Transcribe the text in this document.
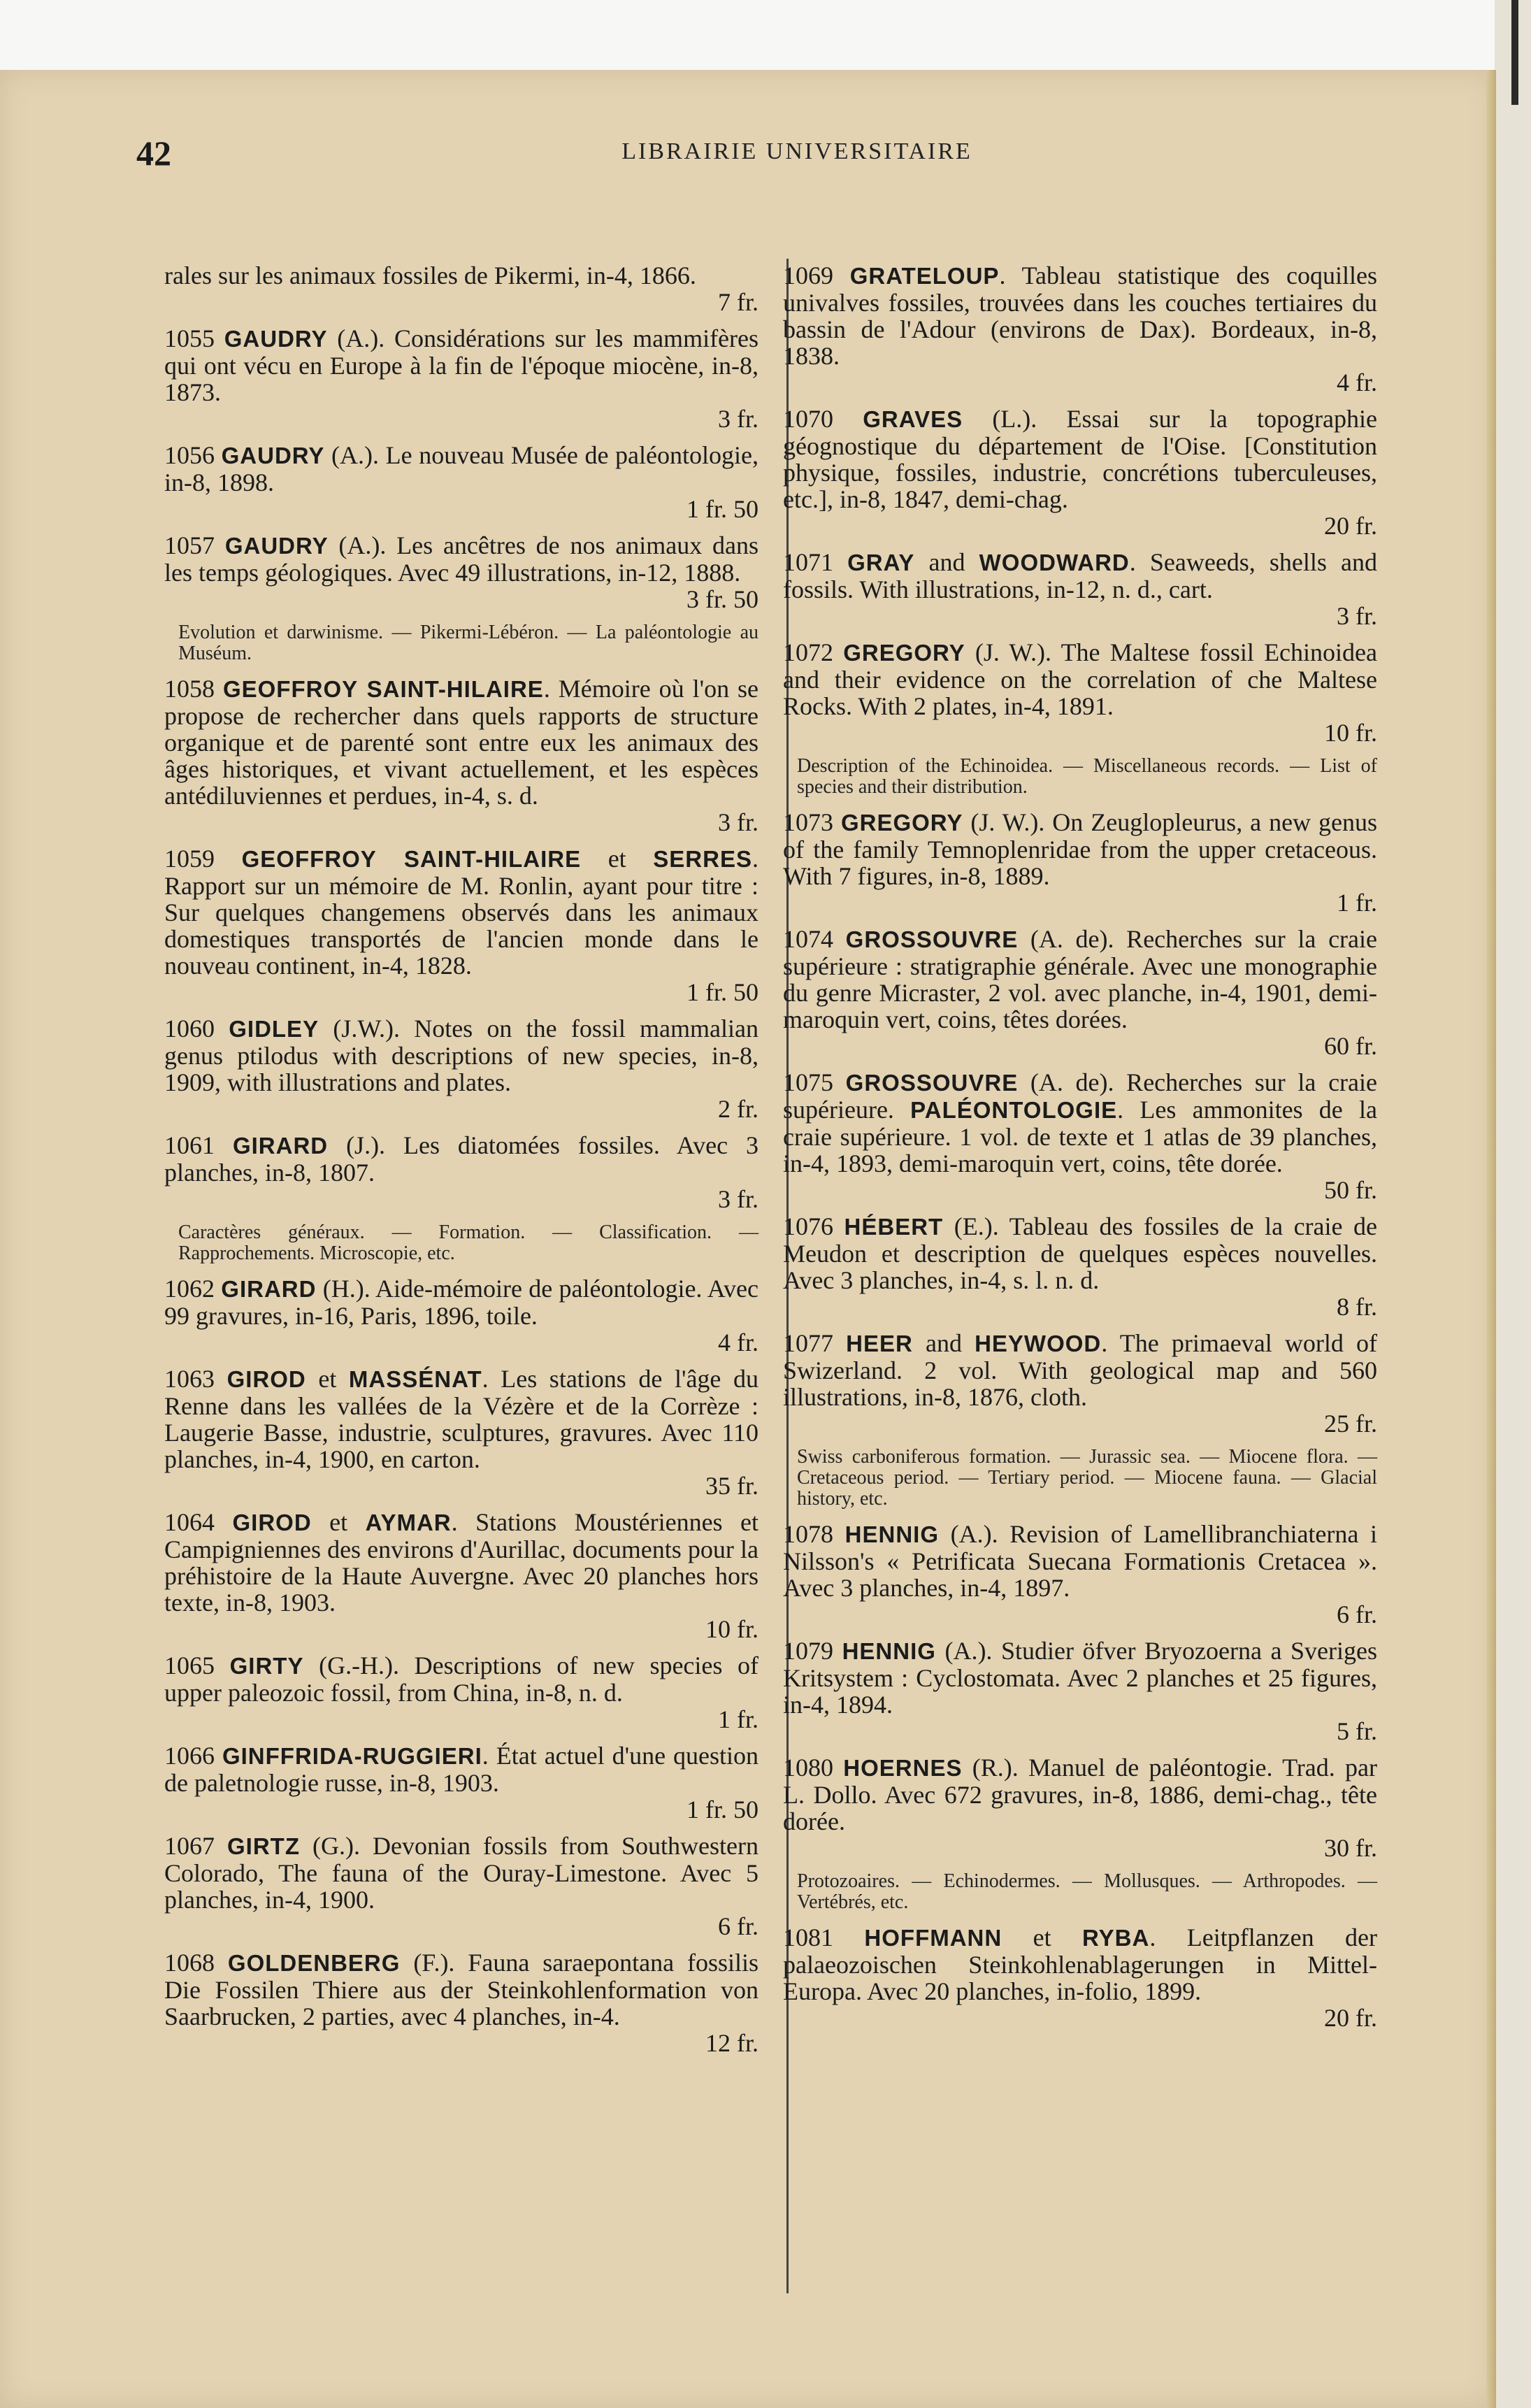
42	LIBRAIRIE UNIVERSITAIRE
rales sur les animaux fossiles de Pikermi, in-4, 1866.
7 fr.
1055 GAUDRY (A.). Considérations sur les mammifères qui ont vécu en Europe à la fin de l'époque miocène, in-8, 1873.
3 fr.
1056 GAUDRY (A.). Le nouveau Musée de paléontologie, in-8, 1898.
1 fr. 50
1057 GAUDRY (A.). Les ancêtres de nos animaux dans les temps géologiques. Avec 49 illustrations, in-12, 1888.
3 fr. 50
Evolution et darwinisme. — Pikermi-Lébéron. — La paléontologie au Muséum.
1058 GEOFFROY SAINT-HILAIRE. Mémoire où l'on se propose de rechercher dans quels rapports de structure organique et de parenté sont entre eux les animaux des âges historiques, et vivant actuellement, et les espèces antédiluviennes et perdues, in-4, s. d.
3 fr.
1059 GEOFFROY SAINT-HILAIRE et SERRES. Rapport sur un mémoire de M. Ronlin, ayant pour titre : Sur quelques changemens observés dans les animaux domestiques transportés de l'ancien monde dans le nouveau continent, in-4, 1828.
1 fr. 50
1060 GIDLEY (J.W.). Notes on the fossil mammalian genus ptilodus with descriptions of new species, in-8, 1909, with illustrations and plates.
2 fr.
1061 GIRARD (J.). Les diatomées fossiles. Avec 3 planches, in-8, 1807.
3 fr.
Caractères généraux. — Formation. — Classification. — Rapprochements. Microscopie, etc.
1062 GIRARD (H.). Aide-mémoire de paléontologie. Avec 99 gravures, in-16, Paris, 1896, toile.
4 fr.
1063 GIROD et MASSÉNAT. Les stations de l'âge du Renne dans les vallées de la Vézère et de la Corrèze : Laugerie Basse, industrie, sculptures, gravures. Avec 110 planches, in-4, 1900, en carton.
35 fr.
1064 GIROD et AYMAR. Stations Moustériennes et Campigniennes des environs d'Aurillac, documents pour la préhistoire de la Haute Auvergne. Avec 20 planches hors texte, in-8, 1903.
10 fr.
1065 GIRTY (G.-H.). Descriptions of new species of upper paleozoic fossil, from China, in-8, n. d.
1 fr.
1066 GINFFRIDA-RUGGIERI. État actuel d'une question de paletnologie russe, in-8, 1903.
1 fr. 50
1067 GIRTZ (G.). Devonian fossils from Southwestern Colorado, The fauna of the Ouray-Limestone. Avec 5 planches, in-4, 1900.
6 fr.
1068 GOLDENBERG (F.). Fauna saraepontana fossilis Die Fossilen Thiere aus der Steinkohlenformation von Saarbrucken, 2 parties, avec 4 planches, in-4.
12 fr.
1069 GRATELOUP. Tableau statistique des coquilles univalves fossiles, trouvées dans les couches tertiaires du bassin de l'Adour (environs de Dax). Bordeaux, in-8, 1838.
4 fr.
1070 GRAVES (L.). Essai sur la topographie géognostique du département de l'Oise. [Constitution physique, fossiles, industrie, concrétions tuberculeuses, etc.], in-8, 1847, demi-chag.
20 fr.
1071 GRAY and WOODWARD. Seaweeds, shells and fossils. With illustrations, in-12, n. d., cart.
3 fr.
1072 GREGORY (J. W.). The Maltese fossil Echinoidea and their evidence on the correlation of che Maltese Rocks. With 2 plates, in-4, 1891.
10 fr.
Description of the Echinoidea. — Miscellaneous records. — List of species and their distribution.
1073 GREGORY (J. W.). On Zeuglopleurus, a new genus of the family Temnoplenridae from the upper cretaceous. With 7 figures, in-8, 1889.
1 fr.
1074 GROSSOUVRE (A. de). Recherches sur la craie supérieure : stratigraphie générale. Avec une monographie du genre Micraster, 2 vol. avec planche, in-4, 1901, demi-maroquin vert, coins, têtes dorées.
60 fr.
1075 GROSSOUVRE (A. de). Recherches sur la craie supérieure. PALÉONTOLOGIE. Les ammonites de la craie supérieure. 1 vol. de texte et 1 atlas de 39 planches, in-4, 1893, demi-maroquin vert, coins, tête dorée.
50 fr.
1076 HÉBERT (E.). Tableau des fossiles de la craie de Meudon et description de quelques espèces nouvelles. Avec 3 planches, in-4, s. l. n. d.
8 fr.
1077 HEER and HEYWOOD. The primaeval world of Swizerland. 2 vol. With geological map and 560 illustrations, in-8, 1876, cloth.
25 fr.
Swiss carboniferous formation. — Jurassic sea. — Miocene flora. — Cretaceous period. — Tertiary period. — Miocene fauna. — Glacial history, etc.
1078 HENNIG (A.). Revision of Lamellibranchiaterna i Nilsson's « Petrificata Suecana Formationis Cretacea ». Avec 3 planches, in-4, 1897.
6 fr.
1079 HENNIG (A.). Studier öfver Bryozoerna a Sveriges Kritsystem : Cyclostomata. Avec 2 planches et 25 figures, in-4, 1894.
5 fr.
1080 HOERNES (R.). Manuel de paléontogie. Trad. par L. Dollo. Avec 672 gravures, in-8, 1886, demi-chag., tête dorée.
30 fr.
Protozoaires. — Echinodermes. — Mollusques. — Arthropodes. — Vertébrés, etc.
1081 HOFFMANN et RYBA. Leitpflanzen der palaeozoischen Steinkohlenablagerungen in Mittel-Europa. Avec 20 planches, in-folio, 1899.
20 fr.
